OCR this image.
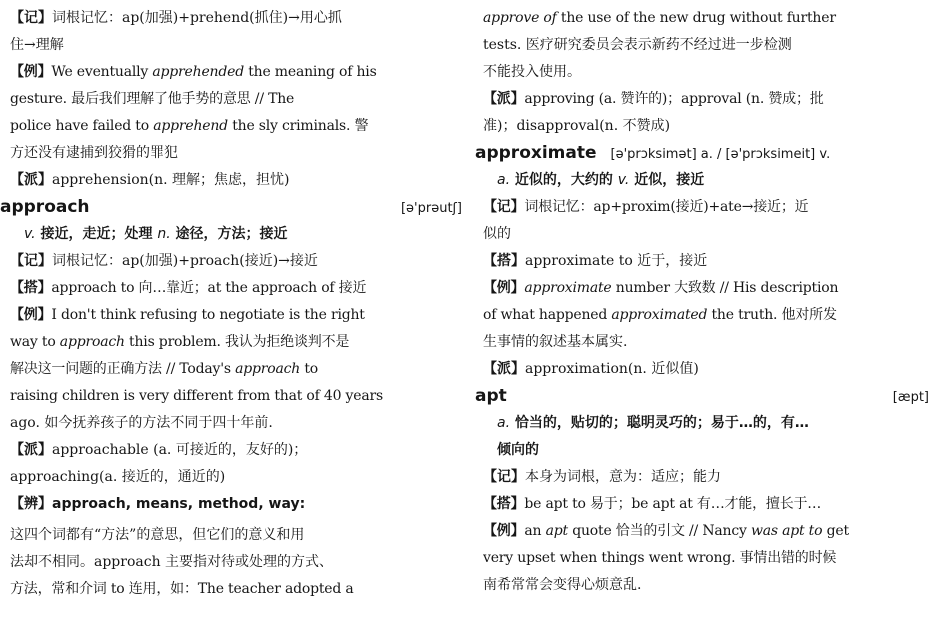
【记】词根记忆：ap(加强)+prehend(抓住)→用心抓
住→理解
【例】We eventually apprehended the meaning of his
gesture. 最后我们理解了他手势的意思 // The
police have failed to apprehend the sly criminals. 警
方还没有逮捕到狡猾的罪犯
【派】apprehension(n. 理解；焦虑，担忧)
approach	[ə'prəutʃ]
v. 接近，走近；处理 n. 途径，方法；接近
【记】词根记忆：ap(加强)+proach(接近)→接近
【搭】approach to 向…靠近；at the approach of 接近
【例】I don't think refusing to negotiate is the right
way to approach this problem. 我认为拒绝谈判不是
解决这一问题的正确方法 // Today's approach to
raising children is very different from that of 40 years
ago. 如今抚养孩子的方法不同于四十年前.
【派】approachable (a. 可接近的，友好的)；
approaching(a. 接近的，通近的)
【辨】approach, means, method, way:
这四个词都有“方法”的意思，但它们的意义和用
法却不相同。approach 主要指对待或处理的方式、
方法，常和介词 to 连用，如：The teacher adopted a
approve of the use of the new drug without further
tests. 医疗研究委员会表示新药不经过进一步检测
不能投入使用。
【派】approving (a. 赞许的)；approval (n. 赞成；批
准)；disapproval(n. 不赞成)
approximate [ə'prɔksimət] a. / [ə'prɔksimeit] v.
a. 近似的，大约的 v. 近似，接近
【记】词根记忆：ap+proxim(接近)+ate→接近；近
似的
【搭】approximate to 近于，接近
【例】approximate number 大致数 // His description
of what happened approximated the truth. 他对所发
生事情的叙述基本属实.
【派】approximation(n. 近似值)
apt	[æpt]
a. 恰当的，贴切的；聪明灵巧的；易于…的，有…
倾向的
【记】本身为词根，意为：适应；能力
【搭】be apt to 易于；be apt at 有…才能，擅长于…
【例】an apt quote 恰当的引文 // Nancy was apt to get
very upset when things went wrong. 事情出错的时候
南希常常会变得心烦意乱.
